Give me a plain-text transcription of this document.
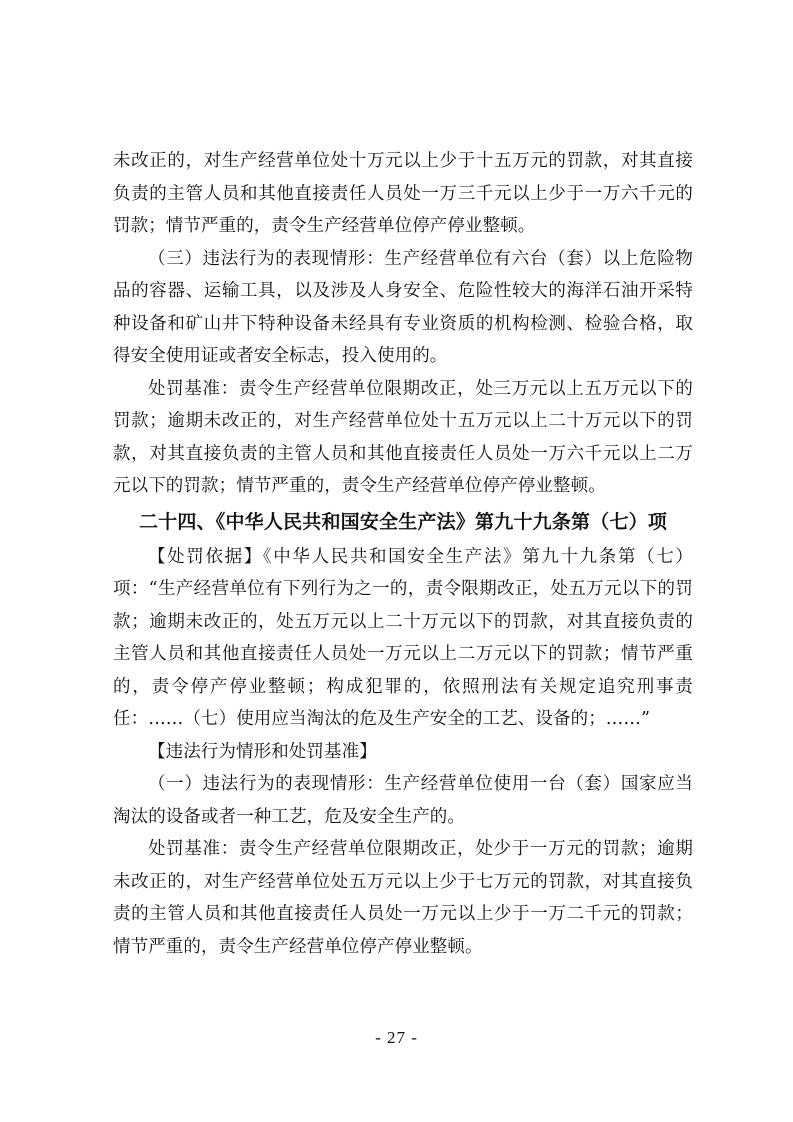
未改正的，对生产经营单位处十万元以上少于十五万元的罚款，对其直接负责的主管人员和其他直接责任人员处一万三千元以上少于一万六千元的罚款；情节严重的，责令生产经营单位停产停业整顿。

（三）违法行为的表现情形：生产经营单位有六台（套）以上危险物品的容器、运输工具，以及涉及人身安全、危险性较大的海洋石油开采特种设备和矿山井下特种设备未经具有专业资质的机构检测、检验合格，取得安全使用证或者安全标志，投入使用的。

处罚基准：责令生产经营单位限期改正，处三万元以上五万元以下的罚款；逾期未改正的，对生产经营单位处十五万元以上二十万元以下的罚款，对其直接负责的主管人员和其他直接责任人员处一万六千元以上二万元以下的罚款；情节严重的，责令生产经营单位停产停业整顿。

二十四、《中华人民共和国安全生产法》第九十九条第（七）项

【处罚依据】《中华人民共和国安全生产法》第九十九条第（七）项：“生产经营单位有下列行为之一的，责令限期改正，处五万元以下的罚款；逾期未改正的，处五万元以上二十万元以下的罚款，对其直接负责的主管人员和其他直接责任人员处一万元以上二万元以下的罚款；情节严重的，责令停产停业整顿；构成犯罪的，依照刑法有关规定追究刑事责任：……（七）使用应当淘汰的危及生产安全的工艺、设备的；……”

【违法行为情形和处罚基准】

（一）违法行为的表现情形：生产经营单位使用一台（套）国家应当淘汰的设备或者一种工艺，危及安全生产的。

处罚基准：责令生产经营单位限期改正，处少于一万元的罚款；逾期未改正的，对生产经营单位处五万元以上少于七万元的罚款，对其直接负责的主管人员和其他直接责任人员处一万元以上少于一万二千元的罚款；情节严重的，责令生产经营单位停产停业整顿。

- 27 -
